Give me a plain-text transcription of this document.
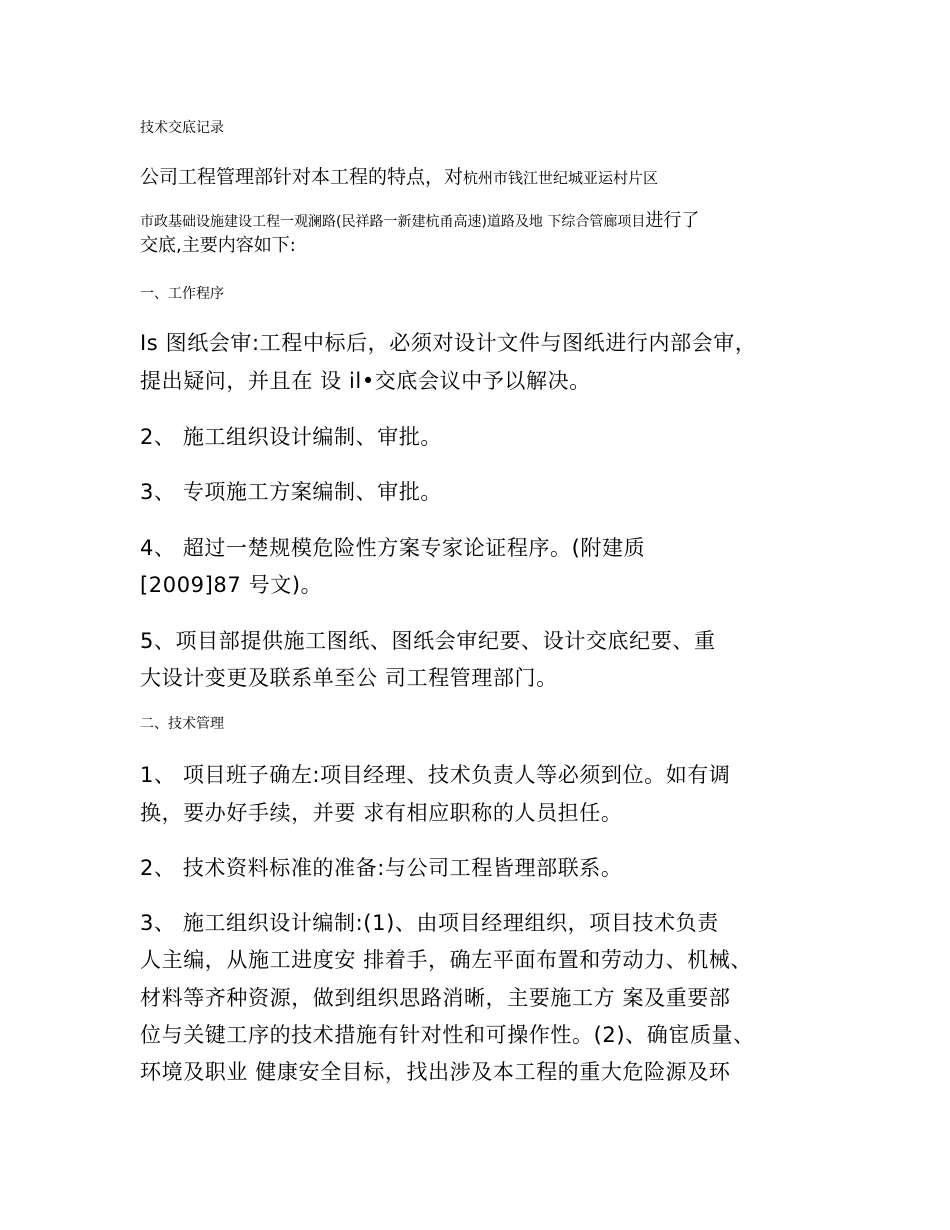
技术交底记录
公司工程管理部针对本工程的特点，对杭州市钱江世纪城亚运村片区
市政基础设施建设工程一观澜路(民祥路一新建杭甬高速)道路及地 下综合管廊项目进行了
交底,主要内容如下:
一、工作程序
Is 图纸会审:工程中标后，必须对设计文件与图纸进行内部会审，
提出疑问，并且在 设 il•交底会议中予以解决。
2、 施工组织设计编制、审批。
3、 专项施工方案编制、审批。
4、 超过一楚规模危险性方案专家论证程序。(附建质
[2009]87 号文)。
5、项目部提供施工图纸、图纸会审纪要、设计交底纪要、重
大设计变更及联系单至公 司工程管理部门。
二、技术管理
1、 项目班子确左:项目经理、技术负责人等必须到位。如有调
换，要办好手续，并要 求有相应职称的人员担任。
2、 技术资料标准的准备:与公司工程皆理部联系。
3、 施工组织设计编制:(1)、由项目经理组织，项目技术负责
人主编，从施工进度安 排着手，确左平面布置和劳动力、机械、
材料等齐种资源，做到组织思路消晰，主要施工方 案及重要部
位与关键工序的技术措施有针对性和可操作性。(2)、确宦质量、
环境及职业 健康安全目标，找出涉及本工程的重大危险源及环
